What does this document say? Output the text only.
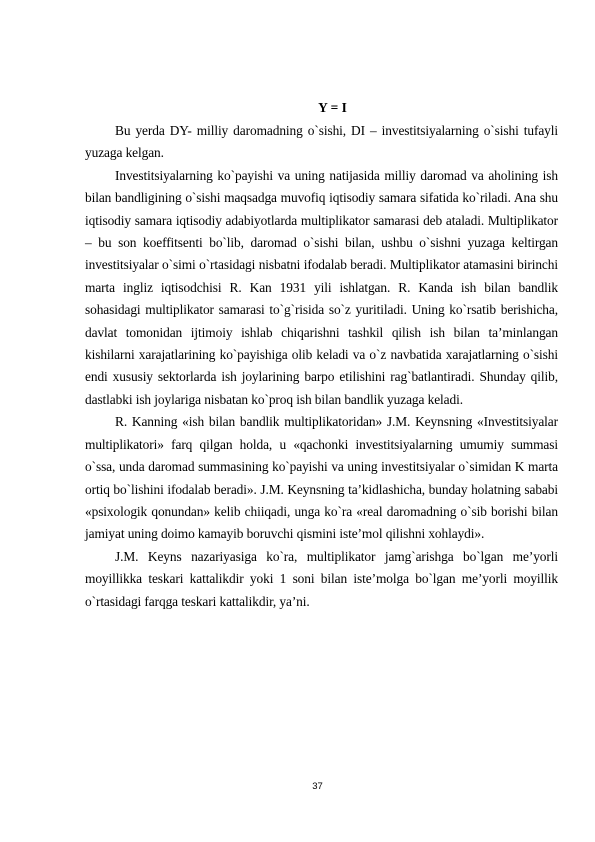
Y = I

Bu yerda DY- milliy daromadning o`sishi, DI – investitsiyalarning o`sishi tufayli yuzaga kelgan.

Investitsiyalarning ko`payishi va uning natijasida milliy daromad va aholining ish bilan bandligining o`sishi maqsadga muvofiq iqtisodiy samara sifatida ko`riladi. Ana shu iqtisodiy samara iqtisodiy adabiyotlarda multiplikator samarasi deb ataladi. Multiplikator – bu son koeffitsenti bo`lib, daromad o`sishi bilan, ushbu o`sishni yuzaga keltirgan investitsiyalar o`simi o`rtasidagi nisbatni ifodalab beradi. Multiplikator atamasini birinchi marta ingliz iqtisodchisi R. Kan 1931 yili ishlatgan. R. Kanda ish bilan bandlik sohasidagi multiplikator samarasi to`g`risida so`z yuritiladi. Uning ko`rsatib berishicha, davlat tomonidan ijtimoiy ishlab chiqarishni tashkil qilish ish bilan ta’minlangan kishilarni xarajatlarining ko`payishiga olib keladi va o`z navbatida xarajatlarning o`sishi endi xususiy sektorlarda ish joylarining barpo etilishini rag`batlantiradi. Shunday qilib, dastlabki ish joylariga nisbatan ko`proq ish bilan bandlik yuzaga keladi.

R. Kanning «ish bilan bandlik multiplikatoridan» J.M. Keynsning «Investitsiyalar multiplikatori» farq qilgan holda, u «qachonki investitsiyalarning umumiy summasi o`ssa, unda daromad summasining ko`payishi va uning investitsiyalar o`simidan K marta ortiq bo`lishini ifodalab beradi». J.M. Keynsning ta’kidlashicha, bunday holatning sababi «psixologik qonundan» kelib chiiqadi, unga ko`ra «real daromadning o`sib borishi bilan jamiyat uning doimo kamayib boruvchi qismini iste’mol qilishni xohlaydi».

J.M. Keyns nazariyasiga ko`ra, multiplikator jamg`arishga bo`lgan me’yorli moyillikka teskari kattalikdir yoki 1 soni bilan iste’molga bo`lgan me’yorli moyillik o`rtasidagi farqga teskari kattalikdir, ya’ni.

37
